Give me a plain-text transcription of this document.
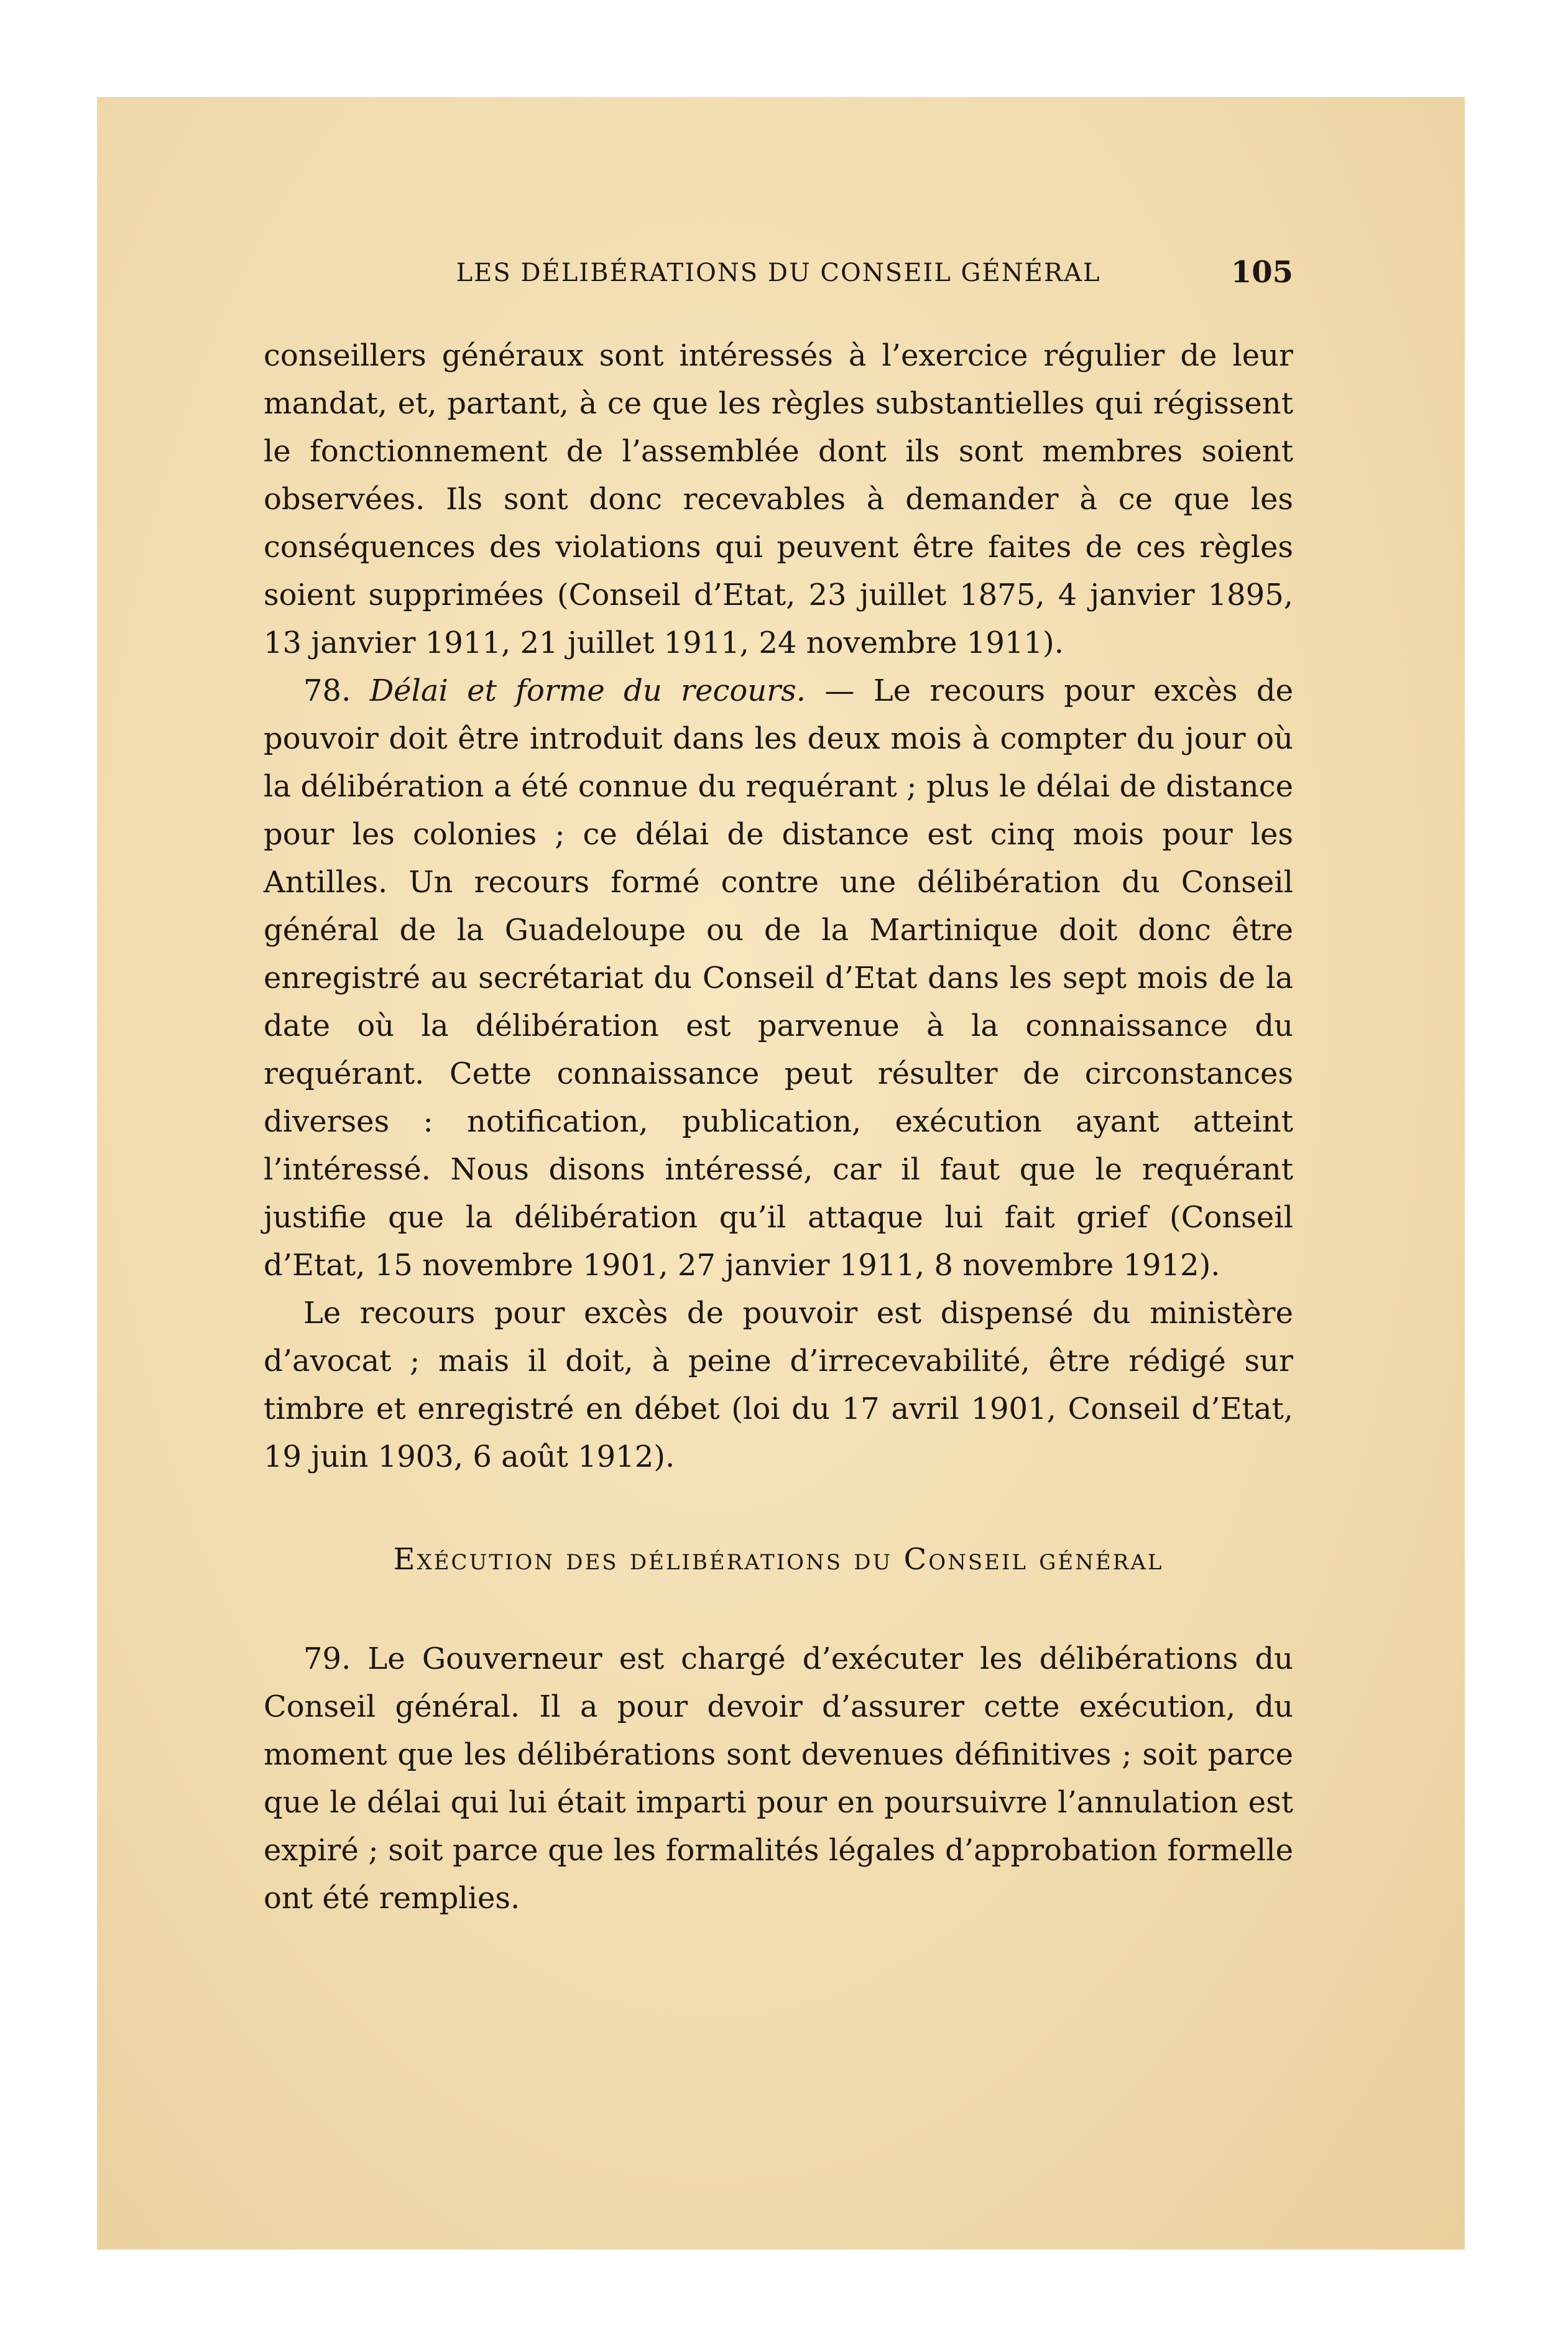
LES DÉLIBÉRATIONS DU CONSEIL GÉNÉRAL	105

conseillers généraux sont intéressés à l’exercice régulier de leur mandat, et, partant, à ce que les règles substantielles qui régissent le fonctionnement de l’assemblée dont ils sont membres soient observées. Ils sont donc recevables à demander à ce que les conséquences des violations qui peuvent être faites de ces règles soient supprimées (Conseil d’Etat, 23 juillet 1875, 4 janvier 1895, 13 janvier 1911, 21 juillet 1911, 24 novembre 1911).

78. Délai et forme du recours. — Le recours pour excès de pouvoir doit être introduit dans les deux mois à compter du jour où la délibération a été connue du requérant ; plus le délai de distance pour les colonies ; ce délai de distance est cinq mois pour les Antilles. Un recours formé contre une délibération du Conseil général de la Guadeloupe ou de la Martinique doit donc être enregistré au secrétariat du Conseil d’Etat dans les sept mois de la date où la délibération est parvenue à la connaissance du requérant. Cette connaissance peut résulter de circonstances diverses : notification, publication, exécution ayant atteint l’intéressé. Nous disons intéressé, car il faut que le requérant justifie que la délibération qu’il attaque lui fait grief (Conseil d’Etat, 15 novembre 1901, 27 janvier 1911, 8 novembre 1912).

Le recours pour excès de pouvoir est dispensé du ministère d’avocat ; mais il doit, à peine d’irrecevabilité, être rédigé sur timbre et enregistré en débet (loi du 17 avril 1901, Conseil d’Etat, 19 juin 1903, 6 août 1912).

Exécution des délibérations du Conseil général

79. Le Gouverneur est chargé d’exécuter les délibérations du Conseil général. Il a pour devoir d’assurer cette exécution, du moment que les délibérations sont devenues définitives ; soit parce que le délai qui lui était imparti pour en poursuivre l’annulation est expiré ; soit parce que les formalités légales d’approbation formelle ont été remplies.
